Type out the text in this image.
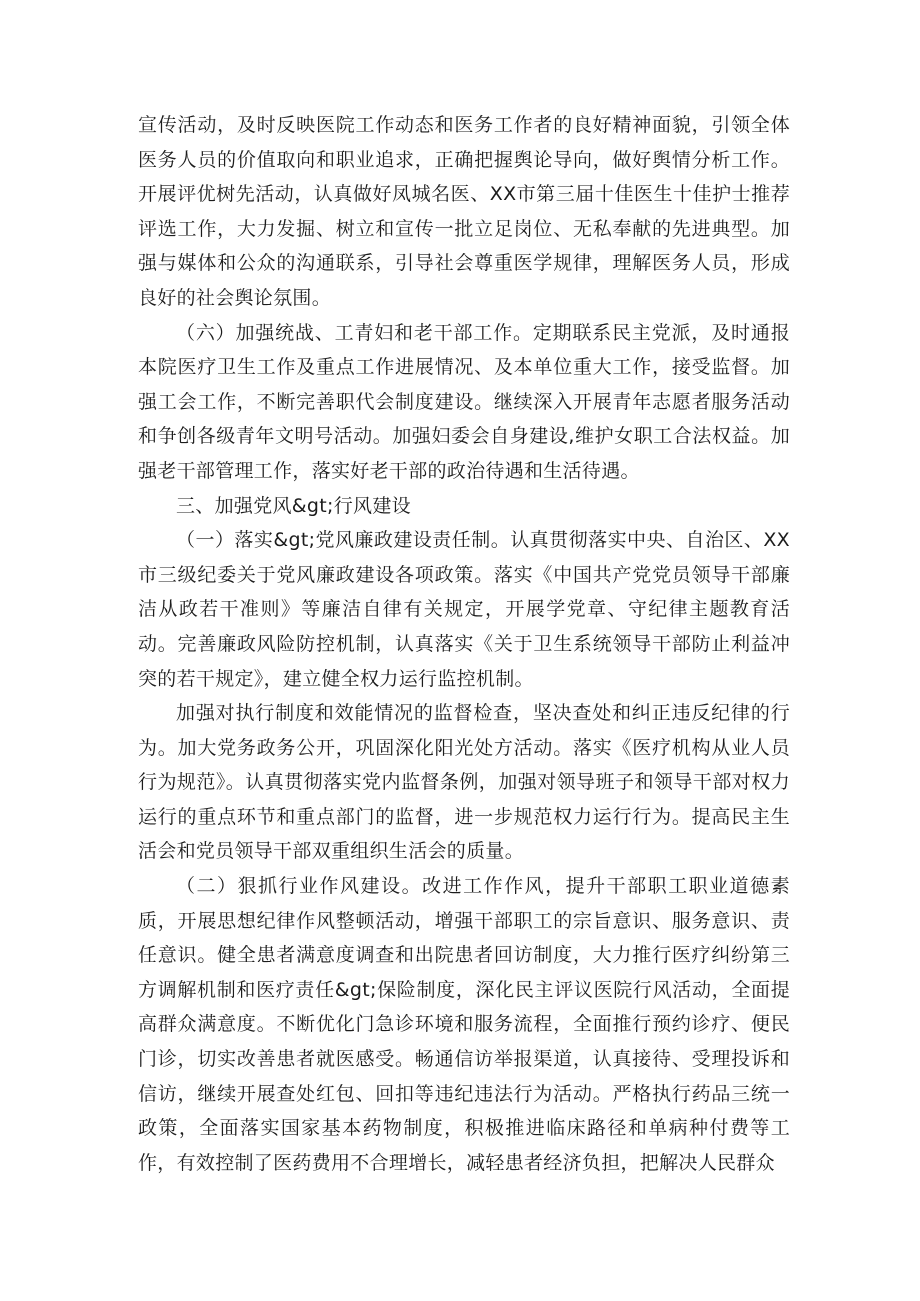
宣传活动，及时反映医院工作动态和医务工作者的良好精神面貌，引领全体医务人员的价值取向和职业追求，正确把握舆论导向，做好舆情分析工作。开展评优树先活动，认真做好凤城名医、XX市第三届十佳医生十佳护士推荐评选工作，大力发掘、树立和宣传一批立足岗位、无私奉献的先进典型。加强与媒体和公众的沟通联系，引导社会尊重医学规律，理解医务人员，形成良好的社会舆论氛围。

（六）加强统战、工青妇和老干部工作。定期联系民主党派，及时通报本院医疗卫生工作及重点工作进展情况、及本单位重大工作，接受监督。加强工会工作，不断完善职代会制度建设。继续深入开展青年志愿者服务活动和争创各级青年文明号活动。加强妇委会自身建设,维护女职工合法权益。加强老干部管理工作，落实好老干部的政治待遇和生活待遇。

三、加强党风&gt;行风建设

（一）落实&gt;党风廉政建设责任制。认真贯彻落实中央、自治区、XX市三级纪委关于党风廉政建设各项政策。落实《中国共产党党员领导干部廉洁从政若干准则》等廉洁自律有关规定，开展学党章、守纪律主题教育活动。完善廉政风险防控机制，认真落实《关于卫生系统领导干部防止利益冲突的若干规定》，建立健全权力运行监控机制。

加强对执行制度和效能情况的监督检查，坚决查处和纠正违反纪律的行为。加大党务政务公开，巩固深化阳光处方活动。落实《医疗机构从业人员行为规范》。认真贯彻落实党内监督条例，加强对领导班子和领导干部对权力运行的重点环节和重点部门的监督，进一步规范权力运行行为。提高民主生活会和党员领导干部双重组织生活会的质量。

（二）狠抓行业作风建设。改进工作作风，提升干部职工职业道德素质，开展思想纪律作风整顿活动，增强干部职工的宗旨意识、服务意识、责任意识。健全患者满意度调查和出院患者回访制度，大力推行医疗纠纷第三方调解机制和医疗责任&gt;保险制度，深化民主评议医院行风活动，全面提高群众满意度。不断优化门急诊环境和服务流程，全面推行预约诊疗、便民门诊，切实改善患者就医感受。畅通信访举报渠道，认真接待、受理投诉和信访，继续开展查处红包、回扣等违纪违法行为活动。严格执行药品三统一政策，全面落实国家基本药物制度，积极推进临床路径和单病种付费等工作，有效控制了医药费用不合理增长，减轻患者经济负担，把解决人民群众
